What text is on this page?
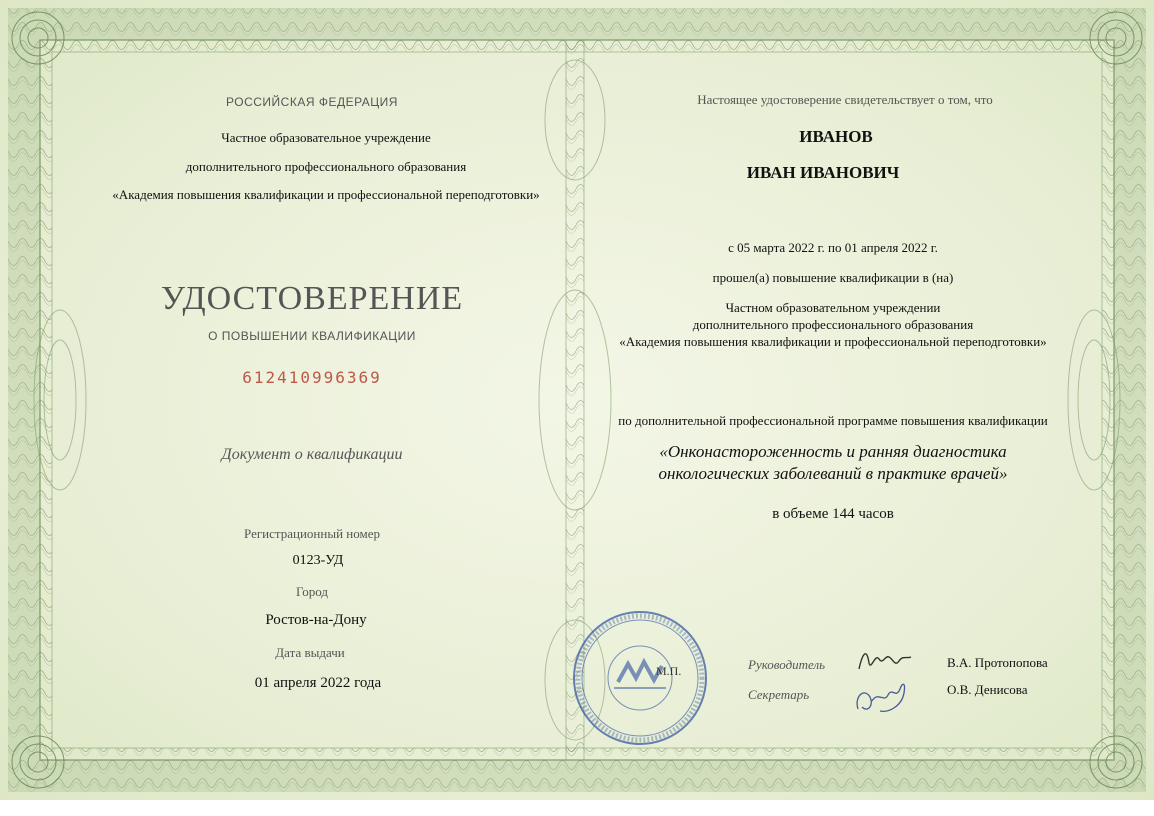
РОССИЙСКАЯ ФЕДЕРАЦИЯ
Частное образовательное учреждение
дополнительного профессионального образования
«Академия повышения квалификации и профессиональной переподготовки»
УДОСТОВЕРЕНИЕ
О ПОВЫШЕНИИ КВАЛИФИКАЦИИ
612410996369
Документ о квалификации
Регистрационный номер
0123-УД
Город
Ростов-на-Дону
Дата выдачи
01 апреля 2022 года
Настоящее удостоверение свидетельствует о том, что
ИВАНОВ
ИВАН ИВАНОВИЧ
с 05 марта 2022 г. по 01 апреля 2022 г.
прошел(а) повышение квалификации в (на)
Частном образовательном учреждении
дополнительного профессионального образования
«Академия повышения квалификации и профессиональной переподготовки»
по дополнительной профессиональной программе повышения квалификации
«Онконастороженность и ранняя диагностика
онкологических заболеваний в практике врачей»
в объеме 144 часов
М.П.	Руководитель	В.А. Протопопова
Секретарь	О.В. Денисова
